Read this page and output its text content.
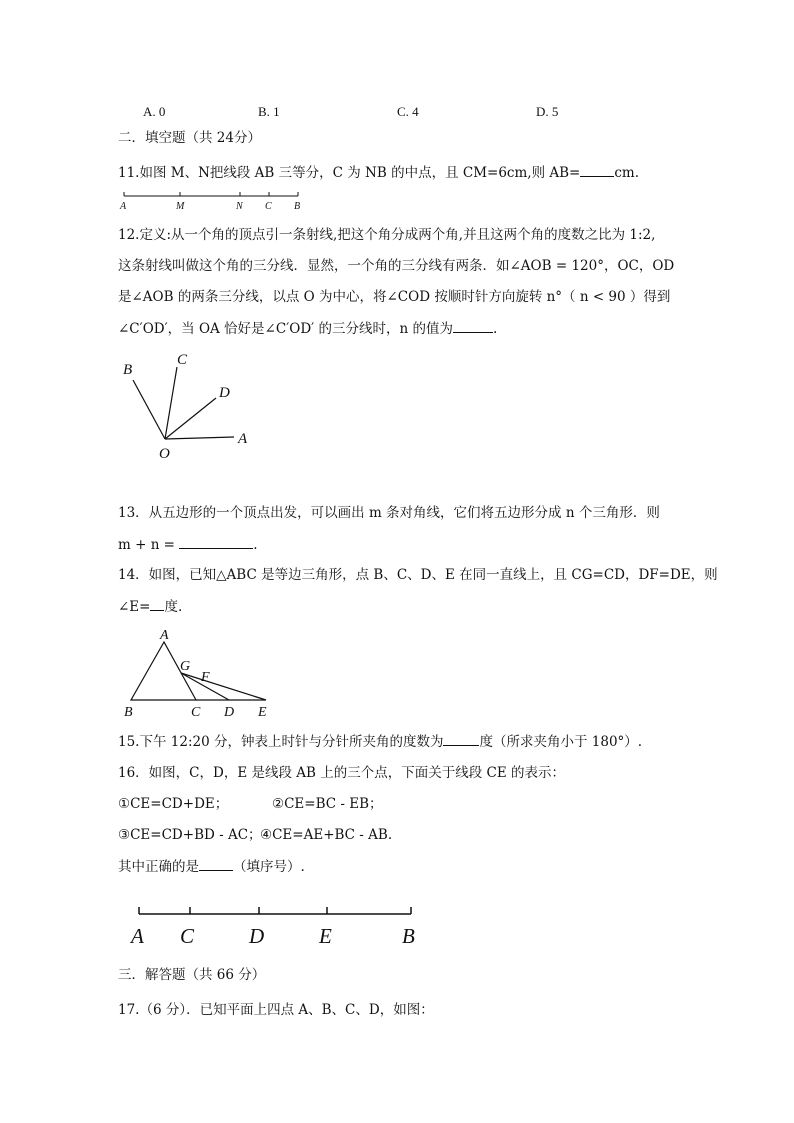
A. 0	B. 1	C. 4	D. 5
二．填空题（共 24分）
11.如图 M、N把线段 AB 三等分，C 为 NB 的中点，且 CM=6cm,则 AB=	cm.
A	M	N C B
12.定义:从一个角的顶点引一条射线,把这个角分成两个角,并且这两个角的度数之比为 1:2,
这条射线叫做这个角的三分线．显然，一个角的三分线有两条．如∠AOB = 120°，OC，OD
是∠AOB 的两条三分线，以点 O 为中心，将∠COD 按顺时针方向旋转 n°（ n < 90 ）得到
∠C′OD′，当 OA 恰好是∠C′OD′ 的三分线时，n 的值为	.
B
C
D
A
O
13．从五边形的一个顶点出发，可以画出 m 条对角线，它们将五边形分成 n 个三角形．则
m + n =	.
14．如图，已知△ABC 是等边三角形，点 B、C、D、E 在同一直线上，且 CG=CD，DF=DE，则
∠E= 度.
A
G
F
B	C D E
15.下午 12:20 分，钟表上时针与分针所夹角的度数为	度（所求夹角小于 180°）.
16．如图，C，D，E 是线段 AB 上的三个点，下面关于线段 CE 的表示：
①CE=CD+DE；	②CE=BC - EB；
③CE=CD+BD - AC；
④CE=AE+BC - AB.
其中正确的是	（填序号）.
A C	D	E	B
三．解答题（共 66 分）
17.（6 分）．已知平面上四点 A、B、C、D，如图：
